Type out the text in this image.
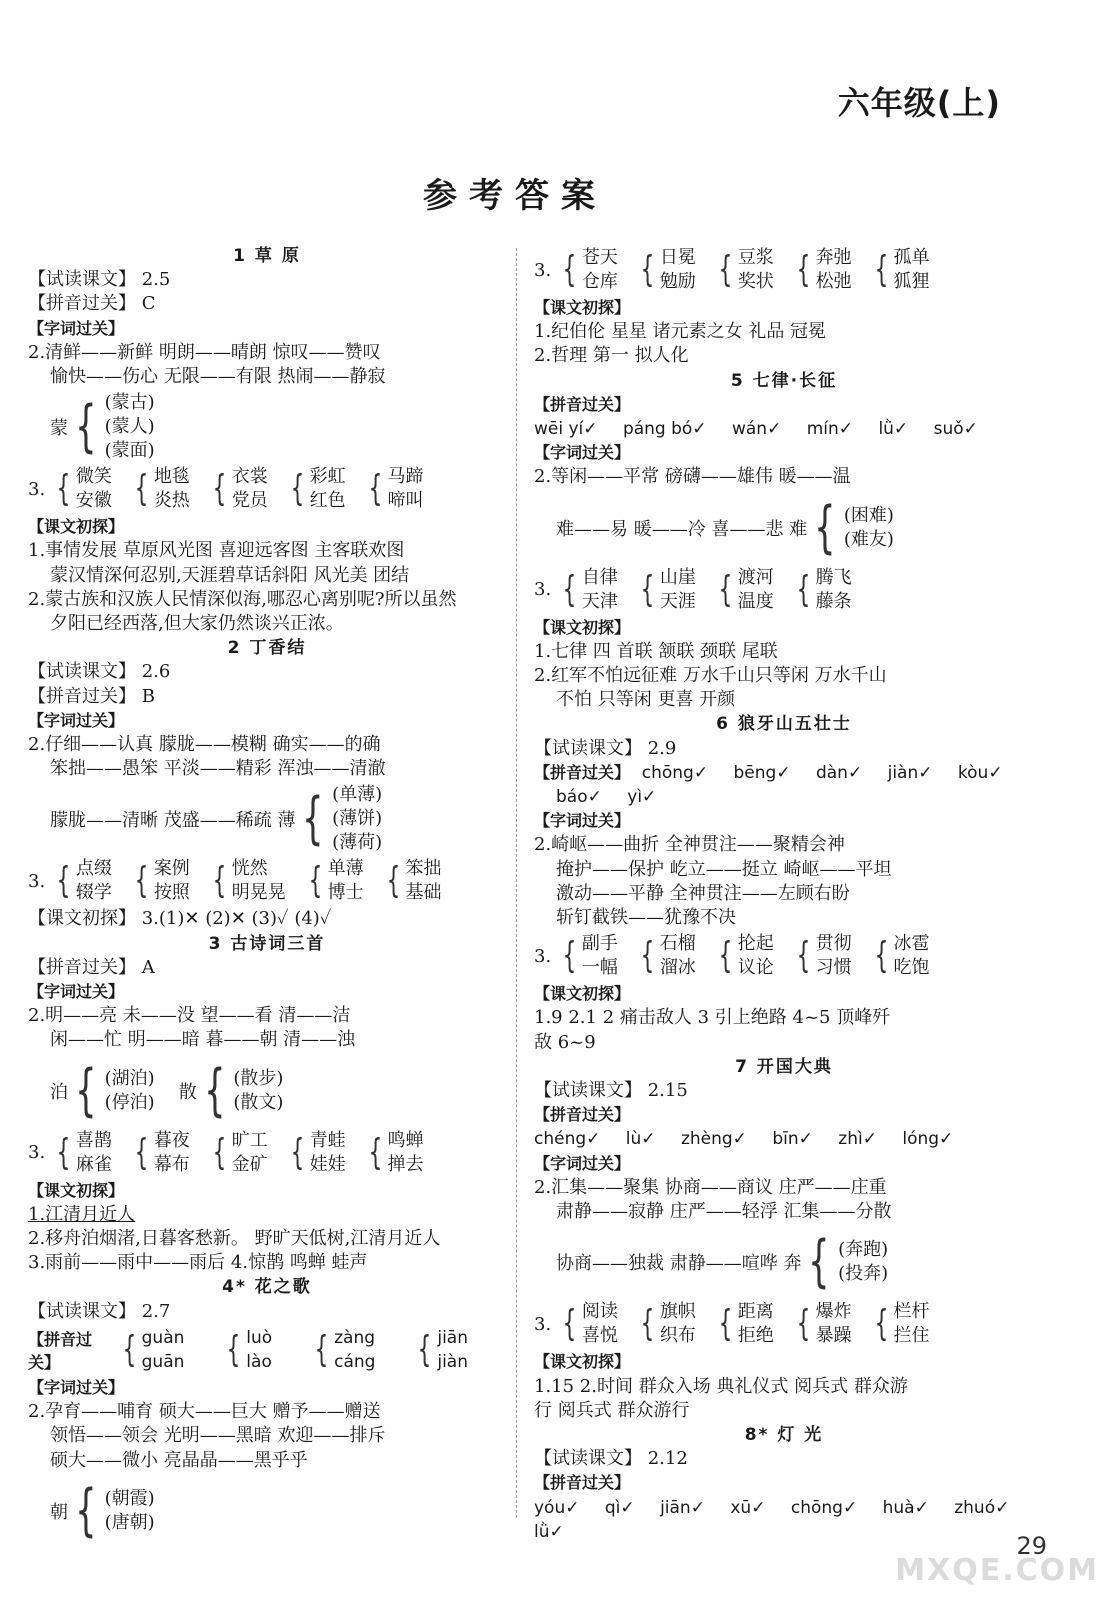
六年级(上)
参考答案
1 草 原
【试读课文】 2.5
【拼音过关】 C
【字词过关】
2.清鲜——新鲜 明朗——晴朗 惊叹——赞叹
愉快——伤心 无限——有限 热闹——静寂
蒙 { (蒙古)
(蒙人)
(蒙面)
3. { 微笑
安徽 { 地毯
炎热 { 衣裳
党员 { 彩虹
红色 { 马蹄
啼叫
【课文初探】
1.事情发展 草原风光图 喜迎远客图 主客联欢图
蒙汉情深何忍别,天涯碧草话斜阳 风光美 团结
2.蒙古族和汉族人民情深似海,哪忍心离别呢?所以虽然
夕阳已经西落,但大家仍然谈兴正浓。
2 丁香结
【试读课文】 2.6
【拼音过关】 B
【字词过关】
2.仔细——认真 朦胧——模糊 确实——的确
笨拙——愚笨 平淡——精彩 浑浊——清澈
朦胧——清晰 茂盛——稀疏 薄 { (单薄)
(薄饼)
(薄荷)
3. { 点缀
辍学 { 案例
按照 { 恍然
明晃晃 { 单薄
博士 { 笨拙
基础
【课文初探】 3.(1)✕ (2)✕ (3)✓ (4)✓
3 古诗词三首
【拼音过关】 A
【字词过关】
2.明——亮 未——没 望——看 清——洁
闲——忙 明——暗 暮——朝 清——浊
泊 { (湖泊)
(停泊) 散 { (散步)
(散文)
3. { 喜鹊
麻雀 { 暮夜
幕布 { 旷工
金矿 { 青蛙
娃娃 { 鸣蝉
掸去
【课文初探】
1.江清月近人
2.移舟泊烟渚,日暮客愁新。 野旷天低树,江清月近人
3.雨前——雨中——雨后 4.惊鹊 鸣蝉 蛙声
4* 花之歌
【试读课文】 2.7
【拼音过关】	{ guàn
guān { luò
lào { zàng
cáng { jiān
jiàn
【字词过关】
2.孕育——哺育 硕大——巨大 赠予——赠送
领悟——领会 光明——黑暗 欢迎——排斥
硕大——微小 亮晶晶——黑乎乎
朝 { (朝霞)
(唐朝)
3. { 苍天
仓库 { 日冕
勉励 { 豆浆
奖状 { 奔弛
松弛 { 孤单
狐狸
【课文初探】
1.纪伯伦 星星 诸元素之女 礼品 冠冕
2.哲理 第一 拟人化
5 七律·长征
【拼音过关】
wēi yí✓ páng bó✓ wán✓ mín✓ lǜ✓ suǒ✓
【字词过关】
2.等闲——平常 磅礴——雄伟 暖——温
难——易 暖——冷 喜——悲 难 { (困难)
(难友)
3. { 自律
天津 { 山崖
天涯 { 渡河
温度 { 腾飞
藤条
【课文初探】
1.七律 四 首联 颔联 颈联 尾联
2.红军不怕远征难 万水千山只等闲 万水千山
不怕 只等闲 更喜 开颜
6 狼牙山五壮士
【试读课文】 2.9
【拼音过关】 chōng✓ bēng✓ dàn✓ jiàn✓ kòu✓
báo✓ yì✓
【字词过关】
2.崎岖——曲折 全神贯注——聚精会神
掩护——保护 屹立——挺立 崎岖——平坦
激动——平静 全神贯注——左顾右盼
斩钉截铁——犹豫不决
3. { 副手
一幅 { 石榴
溜冰 { 抡起
议论 { 贯彻
习惯 { 冰雹
吃饱
【课文初探】
1.9 2.1 2 痛击敌人 3 引上绝路 4~5 顶峰歼
敌 6~9
7 开国大典
【试读课文】 2.15
【拼音过关】
chéng✓ lù✓ zhèng✓ bīn✓ zhì✓ lóng✓
【字词过关】
2.汇集——聚集 协商——商议 庄严——庄重
肃静——寂静 庄严——轻浮 汇集——分散
协商——独裁 肃静——喧哗 奔 { (奔跑)
(投奔)
3. { 阅读
喜悦 { 旗帜
织布 { 距离
拒绝 { 爆炸
暴躁 { 栏杆
拦住
【课文初探】
1.15 2.时间 群众入场 典礼仪式 阅兵式 群众游
行 阅兵式 群众游行
8* 灯 光
【试读课文】 2.12
【拼音过关】
yóu✓ qì✓ jiān✓ xū✓ chōng✓ huà✓ zhuó✓
lǜ✓
29
MXQE.COM
